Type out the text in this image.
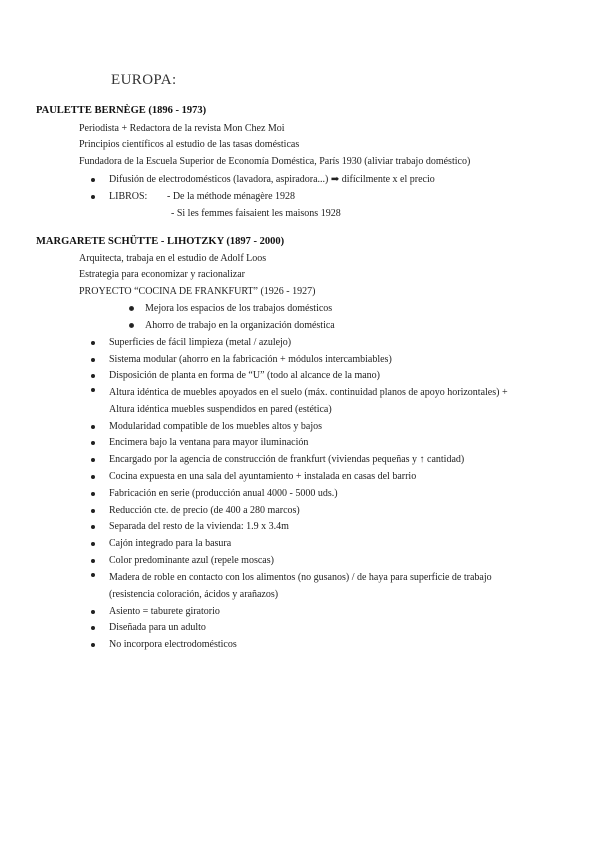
EUROPA:
PAULETTE BERNÈGE (1896 - 1973)
Periodista + Redactora de la revista Mon Chez Moi
Principios científicos al estudio de las tasas domésticas
Fundadora de la Escuela Superior de Economía Doméstica, París 1930 (aliviar trabajo doméstico)
Difusión de electrodomésticos (lavadora, aspiradora...) ➡ difícilmente x el precio
LIBROS: - De la méthode ménagère 1928
- Si les femmes faisaient les maisons 1928
MARGARETE SCHÜTTE - LIHOTZKY (1897 - 2000)
Arquitecta, trabaja en el estudio de Adolf Loos
Estrategia para economizar y racionalizar
PROYECTO “COCINA DE FRANKFURT” (1926 - 1927)
Mejora los espacios de los trabajos domésticos
Ahorro de trabajo en la organización doméstica
Superficies de fácil limpieza (metal / azulejo)
Sistema modular (ahorro en la fabricación + módulos intercambiables)
Disposición de planta en forma de “U” (todo al alcance de la mano)
Altura idéntica de muebles apoyados en el suelo (máx. continuidad planos de apoyo horizontales) + Altura idéntica muebles suspendidos en pared (estética)
Modularidad compatible de los muebles altos y bajos
Encimera bajo la ventana para mayor iluminación
Encargado por la agencia de construcción de frankfurt (viviendas pequeñas y ↑ cantidad)
Cocina expuesta en una sala del ayuntamiento + instalada en casas del barrio
Fabricación en serie (producción anual 4000 - 5000 uds.)
Reducción cte. de precio (de 400 a 280 marcos)
Separada del resto de la vivienda: 1.9 x 3.4m
Cajón integrado para la basura
Color predominante azul (repele moscas)
Madera de roble en contacto con los alimentos (no gusanos) / de haya para superficie de trabajo (resistencia coloración, ácidos y arañazos)
Asiento = taburete giratorio
Diseñada para un adulto
No incorpora electrodomésticos
